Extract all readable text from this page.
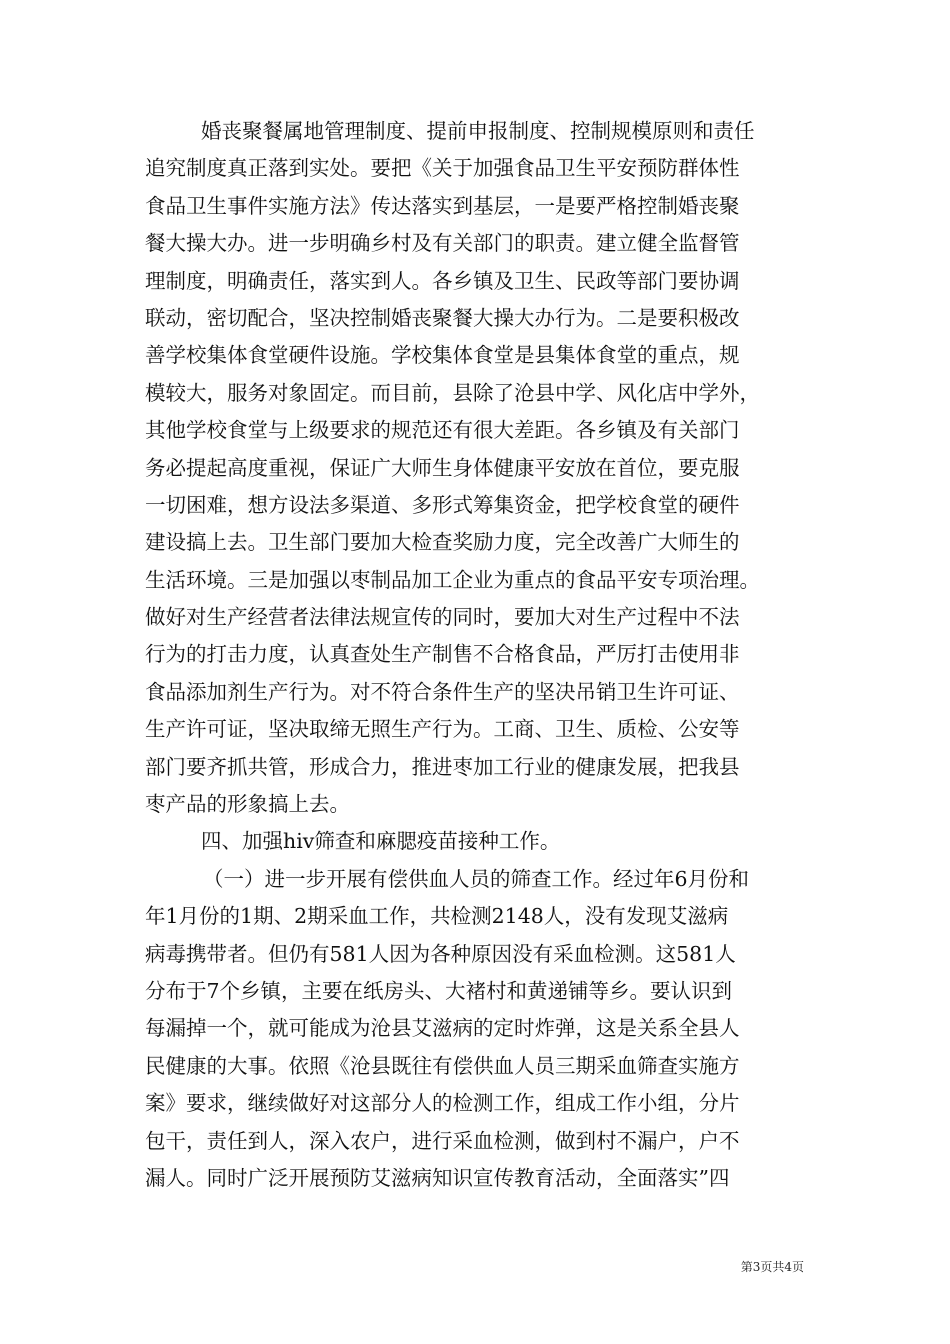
婚丧聚餐属地管理制度、提前申报制度、控制规模原则和责任
追究制度真正落到实处。要把《关于加强食品卫生平安预防群体性
食品卫生事件实施方法》传达落实到基层，一是要严格控制婚丧聚
餐大操大办。进一步明确乡村及有关部门的职责。建立健全监督管
理制度，明确责任，落实到人。各乡镇及卫生、民政等部门要协调
联动，密切配合，坚决控制婚丧聚餐大操大办行为。二是要积极改
善学校集体食堂硬件设施。学校集体食堂是县集体食堂的重点，规
模较大，服务对象固定。而目前，县除了沧县中学、风化店中学外，
其他学校食堂与上级要求的规范还有很大差距。各乡镇及有关部门
务必提起高度重视，保证广大师生身体健康平安放在首位，要克服
一切困难，想方设法多渠道、多形式筹集资金，把学校食堂的硬件
建设搞上去。卫生部门要加大检查奖励力度，完全改善广大师生的
生活环境。三是加强以枣制品加工企业为重点的食品平安专项治理。
做好对生产经营者法律法规宣传的同时，要加大对生产过程中不法
行为的打击力度，认真查处生产制售不合格食品，严厉打击使用非
食品添加剂生产行为。对不符合条件生产的坚决吊销卫生许可证、
生产许可证，坚决取缔无照生产行为。工商、卫生、质检、公安等
部门要齐抓共管，形成合力，推进枣加工行业的健康发展，把我县
枣产品的形象搞上去。
四、加强hiv筛查和麻腮疫苗接种工作。
（一）进一步开展有偿供血人员的筛查工作。经过年6月份和
年1月份的1期、2期采血工作，共检测2148人，没有发现艾滋病
病毒携带者。但仍有581人因为各种原因没有采血检测。这581人
分布于7个乡镇，主要在纸房头、大褚村和黄递铺等乡。要认识到
每漏掉一个，就可能成为沧县艾滋病的定时炸弹，这是关系全县人
民健康的大事。依照《沧县既往有偿供血人员三期采血筛查实施方
案》要求，继续做好对这部分人的检测工作，组成工作小组，分片
包干，责任到人，深入农户，进行采血检测，做到村不漏户，户不
漏人。同时广泛开展预防艾滋病知识宣传教育活动，全面落实”四
第3页共4页
